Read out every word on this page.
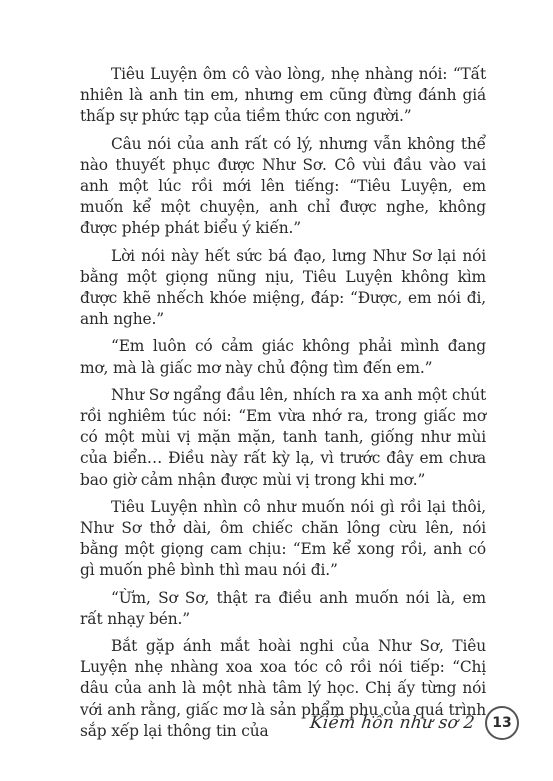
Tiêu Luyện ôm cô vào lòng, nhẹ nhàng nói: “Tất nhiên là anh tin em, nhưng em cũng đừng đánh giá thấp sự phức tạp của tiềm thức con người.”

Câu nói của anh rất có lý, nhưng vẫn không thể nào thuyết phục được Như Sơ. Cô vùi đầu vào vai anh một lúc rồi mới lên tiếng: “Tiêu Luyện, em muốn kể một chuyện, anh chỉ được nghe, không được phép phát biểu ý kiến.”

Lời nói này hết sức bá đạo, lưng Như Sơ lại nói bằng một giọng nũng nịu, Tiêu Luyện không kìm được khẽ nhếch khóe miệng, đáp: “Được, em nói đi, anh nghe.”

“Em luôn có cảm giác không phải mình đang mơ, mà là giấc mơ này chủ động tìm đến em.”

Như Sơ ngẩng đầu lên, nhích ra xa anh một chút rồi nghiêm túc nói: “Em vừa nhớ ra, trong giấc mơ có một mùi vị mặn mặn, tanh tanh, giống như mùi của biển… Điều này rất kỳ lạ, vì trước đây em chưa bao giờ cảm nhận được mùi vị trong khi mơ.”

Tiêu Luyện nhìn cô như muốn nói gì rồi lại thôi, Như Sơ thở dài, ôm chiếc chăn lông cừu lên, nói bằng một giọng cam chịu: “Em kể xong rồi, anh có gì muốn phê bình thì mau nói đi.”

“Ừm, Sơ Sơ, thật ra điều anh muốn nói là, em rất nhạy bén.”

Bắt gặp ánh mắt hoài nghi của Như Sơ, Tiêu Luyện nhẹ nhàng xoa xoa tóc cô rồi nói tiếp: “Chị dâu của anh là một nhà tâm lý học. Chị ấy từng nói với anh rằng, giấc mơ là sản phẩm phụ của quá trình sắp xếp lại thông tin của	Kiếm hồn như sơ 2 13
